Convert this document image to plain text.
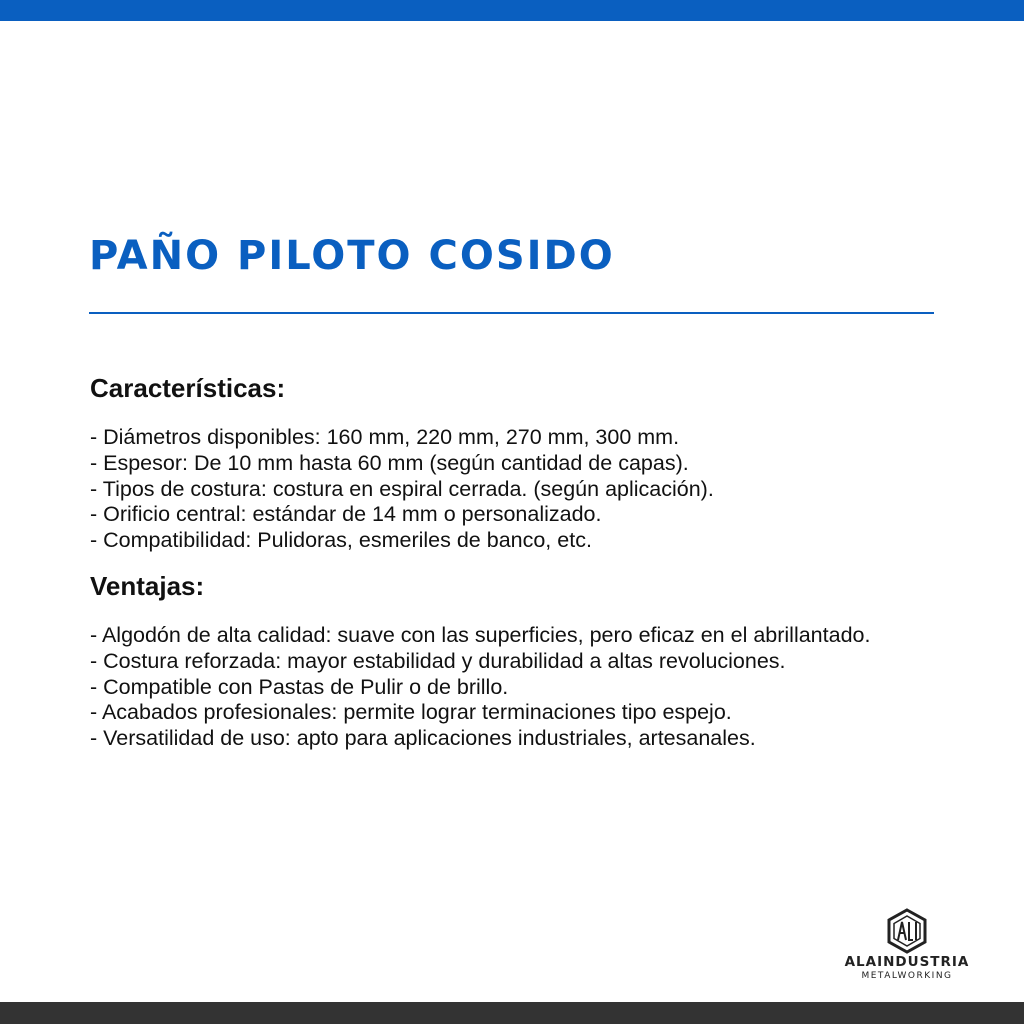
PAÑO PILOTO COSIDO
Características:
- Diámetros disponibles: 160 mm, 220 mm, 270 mm, 300 mm.
- Espesor: De 10 mm hasta 60 mm (según cantidad de capas).
- Tipos de costura: costura en espiral cerrada. (según aplicación).
- Orificio central: estándar de 14 mm o personalizado.
- Compatibilidad: Pulidoras, esmeriles de banco, etc.
Ventajas:
- Algodón de alta calidad: suave con las superficies, pero eficaz en el abrillantado.
- Costura reforzada: mayor estabilidad y durabilidad a altas revoluciones.
- Compatible con Pastas de Pulir o de brillo.
- Acabados profesionales: permite lograr terminaciones tipo espejo.
- Versatilidad de uso: apto para aplicaciones industriales, artesanales.
ALAINDUSTRIA
METALWORKING
